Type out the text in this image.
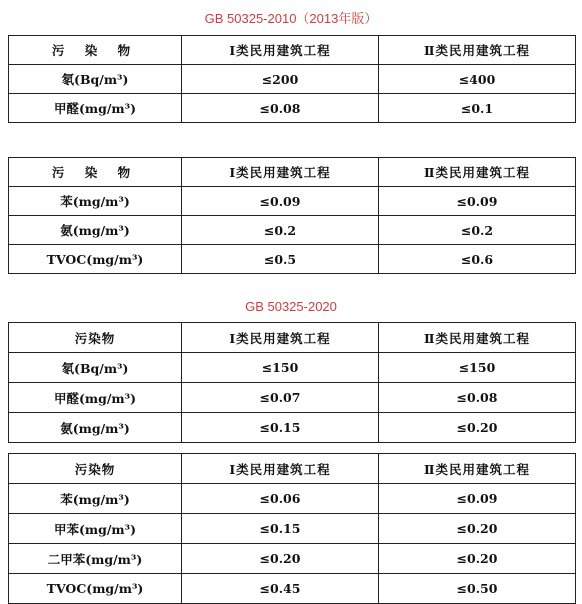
GB 50325-2010（2013年版）
污 染 物	Ⅰ类民用建筑工程	Ⅱ类民用建筑工程
氡(Bq/m³)	≤200	≤400
甲醛(mg/m³)	≤0.08	≤0.1
污 染 物	Ⅰ类民用建筑工程	Ⅱ类民用建筑工程
苯(mg/m³)	≤0.09	≤0.09
氨(mg/m³)	≤0.2	≤0.2
TVOC(mg/m³)	≤0.5	≤0.6
GB 50325-2020
污染物	Ⅰ类民用建筑工程	Ⅱ类民用建筑工程
氡(Bq/m³)	≤150	≤150
甲醛(mg/m³)	≤0.07	≤0.08
氨(mg/m³)	≤0.15	≤0.20
污染物	Ⅰ类民用建筑工程	Ⅱ类民用建筑工程
苯(mg/m³)	≤0.06	≤0.09
甲苯(mg/m³)	≤0.15	≤0.20
二甲苯(mg/m³)	≤0.20	≤0.20
TVOC(mg/m³)	≤0.45	≤0.50
